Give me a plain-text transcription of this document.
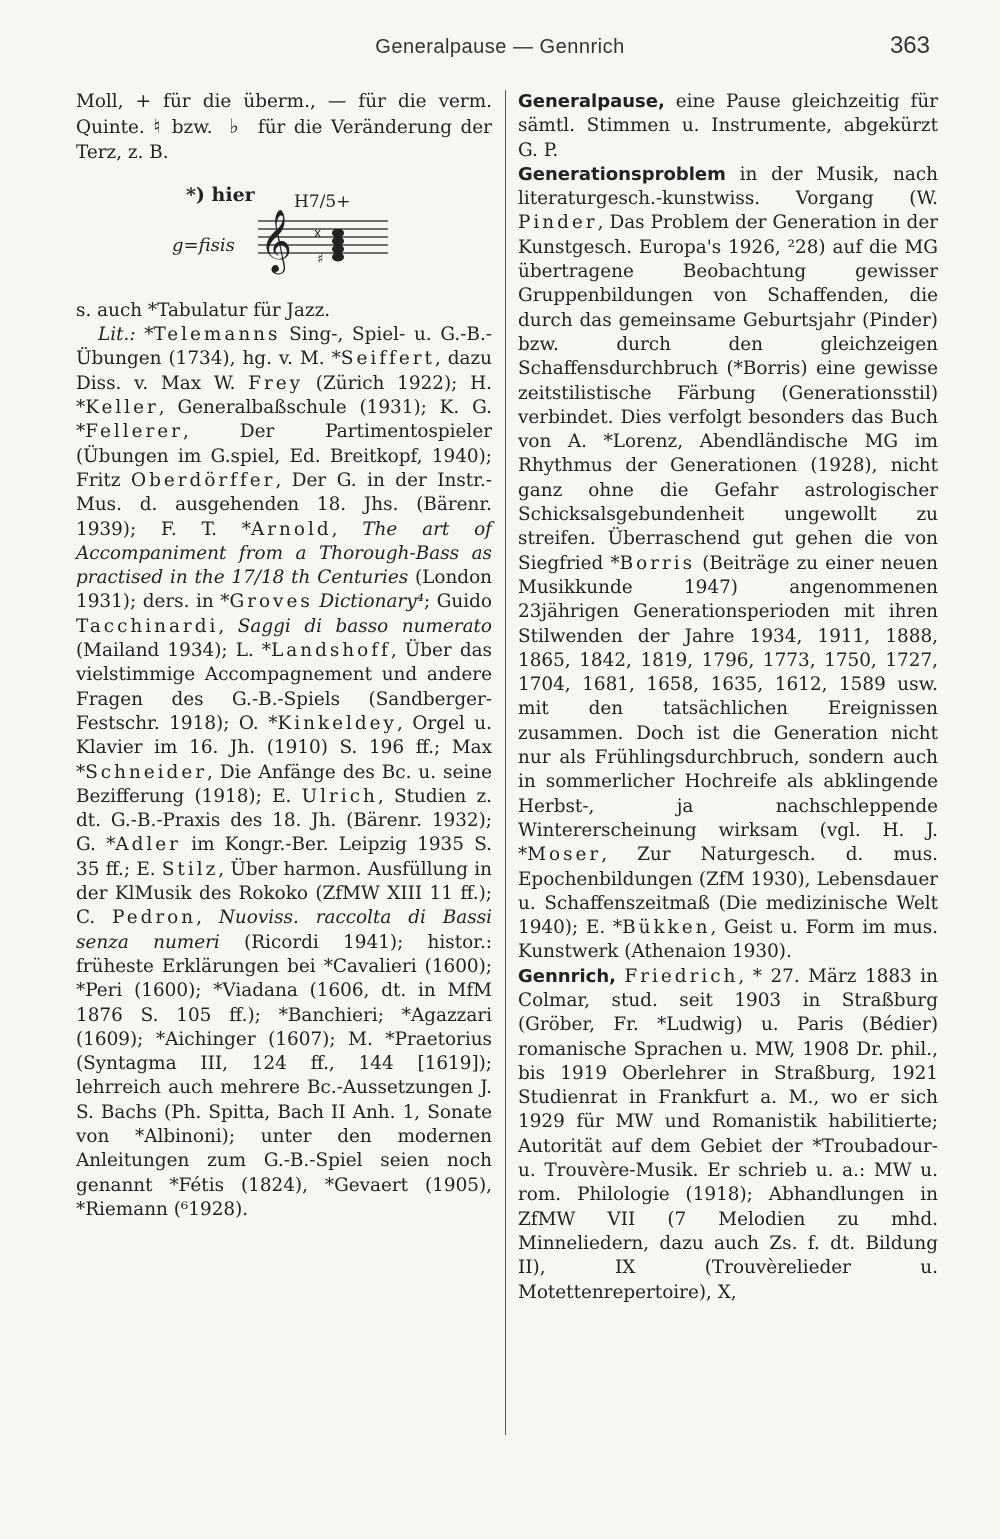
Generalpause — Gennrich	363

Moll, + für die überm., — für die verm. Quinte. ♮ bzw. ♭ für die Veränderung der Terz, z. B.

*) hier
g=fisis
H7/5+
𝄞 x
♯

s. auch *Tabulatur für Jazz.

Lit.: *Telemanns Sing-, Spiel- u. G.-B.-Übungen (1734), hg. v. M. *Seiffert, dazu Diss. v. Max W. Frey (Zürich 1922); H. *Keller, Generalbaßschule (1931); K. G. *Fellerer, Der Partimentospieler (Übungen im G.spiel, Ed. Breitkopf, 1940); Fritz Oberdörffer, Der G. in der Instr.-Mus. d. ausgehenden 18. Jhs. (Bärenr. 1939); F. T. *Arnold, The art of Accompaniment from a Thorough-Bass as practised in the 17/18 th Centuries (London 1931); ders. in *Groves Dictionary⁴; Guido Tacchinardi, Saggi di basso numerato (Mailand 1934); L. *Landshoff, Über das vielstimmige Accompagnement und andere Fragen des G.-B.-Spiels (Sandberger-Festschr. 1918); O. *Kinkeldey, Orgel u. Klavier im 16. Jh. (1910) S. 196 ff.; Max *Schneider, Die Anfänge des Bc. u. seine Bezifferung (1918); E. Ulrich, Studien z. dt. G.-B.-Praxis des 18. Jh. (Bärenr. 1932); G. *Adler im Kongr.-Ber. Leipzig 1935 S. 35 ff.; E. Stilz, Über harmon. Ausfüllung in der KlMusik des Rokoko (ZfMW XIII 11 ff.); C. Pedron, Nuoviss. raccolta di Bassi senza numeri (Ricordi 1941); histor.: früheste Erklärungen bei *Cavalieri (1600); *Peri (1600); *Viadana (1606, dt. in MfM 1876 S. 105 ff.); *Banchieri; *Agazzari (1609); *Aichinger (1607); M. *Praetorius (Syntagma III, 124 ff., 144 [1619]); lehrreich auch mehrere Bc.-Aussetzungen J. S. Bachs (Ph. Spitta, Bach II Anh. 1, Sonate von *Albinoni); unter den modernen Anleitungen zum G.-B.-Spiel seien noch genannt *Fétis (1824), *Gevaert (1905), *Riemann (⁶1928).

Generalpause, eine Pause gleichzeitig für sämtl. Stimmen u. Instrumente, abgekürzt G. P.

Generationsproblem in der Musik, nach literaturgesch.-kunstwiss. Vorgang (W. Pinder, Das Problem der Generation in der Kunstgesch. Europa's 1926, ²28) auf die MG übertragene Beobachtung gewisser Gruppenbildungen von Schaffenden, die durch das gemeinsame Geburtsjahr (Pinder) bzw. durch den gleichzeigen Schaffensdurchbruch (*Borris) eine gewisse zeitstilistische Färbung (Generationsstil) verbindet. Dies verfolgt besonders das Buch von A. *Lorenz, Abendländische MG im Rhythmus der Generationen (1928), nicht ganz ohne die Gefahr astrologischer Schicksalsgebundenheit ungewollt zu streifen. Überraschend gut gehen die von Siegfried *Borris (Beiträge zu einer neuen Musikkunde 1947) angenommenen 23jährigen Generationsperioden mit ihren Stilwenden der Jahre 1934, 1911, 1888, 1865, 1842, 1819, 1796, 1773, 1750, 1727, 1704, 1681, 1658, 1635, 1612, 1589 usw. mit den tatsächlichen Ereignissen zusammen. Doch ist die Generation nicht nur als Frühlingsdurchbruch, sondern auch in sommerlicher Hochreife als abklingende Herbst-, ja nachschleppende Wintererscheinung wirksam (vgl. H. J. *Moser, Zur Naturgesch. d. mus. Epochenbildungen (ZfM 1930), Lebensdauer u. Schaffenszeitmaß (Die medizinische Welt 1940); E. *Bükken, Geist u. Form im mus. Kunstwerk (Athenaion 1930).

Gennrich, Friedrich, * 27. März 1883 in Colmar, stud. seit 1903 in Straßburg (Gröber, Fr. *Ludwig) u. Paris (Bédier) romanische Sprachen u. MW, 1908 Dr. phil., bis 1919 Oberlehrer in Straßburg, 1921 Studienrat in Frankfurt a. M., wo er sich 1929 für MW und Romanistik habilitierte; Autorität auf dem Gebiet der *Troubadour- u. Trouvère-Musik. Er schrieb u. a.: MW u. rom. Philologie (1918); Abhandlungen in ZfMW VII (7 Melodien zu mhd. Minneliedern, dazu auch Zs. f. dt. Bildung II), IX (Trouvèrelieder u. Motettenrepertoire), X,
